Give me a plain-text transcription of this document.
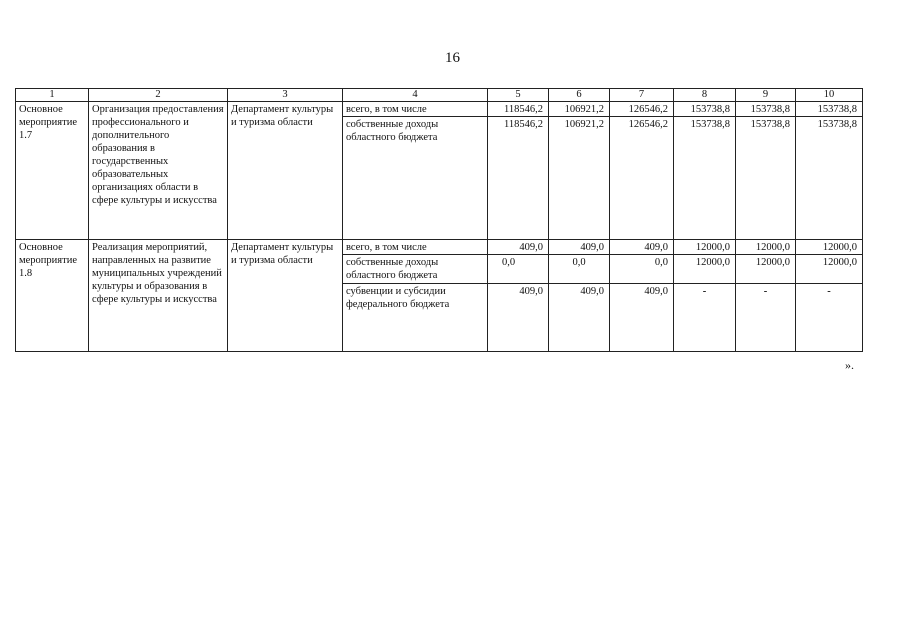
16
1	2	3	4	5	6	7	8	9	10
Основное мероприятие 1.7	Организация предоставления профессионального и дополнительного образования в государственных образовательных организациях области в сфере культуры и искусства	Департамент культуры и туризма области	всего, в том числе	118546,2	106921,2	126546,2	153738,8	153738,8	153738,8
			собственные доходы областного бюджета	118546,2	106921,2	126546,2	153738,8	153738,8	153738,8
Основное мероприятие 1.8	Реализация мероприятий, направленных на развитие муниципальных учреждений культуры и образования в сфере культуры и искусства	Департамент культуры и туризма области	всего, в том числе	409,0	409,0	409,0	12000,0	12000,0	12000,0
			собственные доходы областного бюджета	0,0	0,0	0,0	12000,0	12000,0	12000,0
			субвенции и субсидии федерального бюджета	409,0	409,0	409,0	-	-	-
».
